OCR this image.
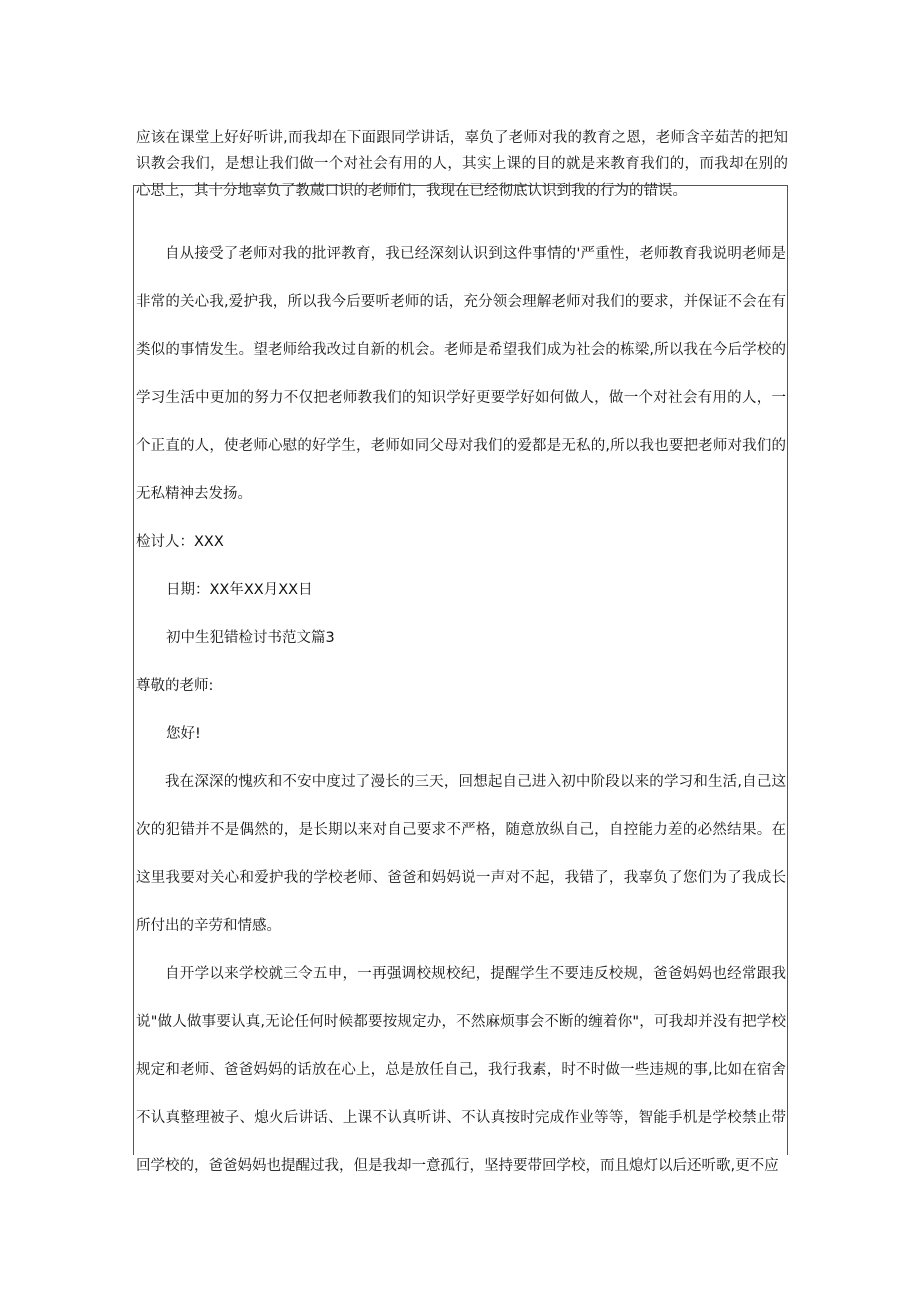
应该在课堂上好好听讲,而我却在下面跟同学讲话，辜负了老师对我的教育之恩，老师含辛茹苦的把知识教会我们，是想让我们做一个对社会有用的人，其实上课的目的就是来教育我们的，而我却在别的心思上，其十分地辜负了教蒇口识的老师们，我现在已经彻底认识到我的行为的错误。

自从接受了老师对我的批评教育，我已经深刻认识到这件事情的'严重性，老师教育我说明老师是非常的关心我,爱护我，所以我今后要听老师的话，充分领会理解老师对我们的要求，并保证不会在有类似的事情发生。望老师给我改过自新的机会。老师是希望我们成为社会的栋梁,所以我在今后学校的学习生活中更加的努力不仅把老师教我们的知识学好更要学好如何做人，做一个对社会有用的人，一个正直的人，使老师心慰的好学生，老师如同父母对我们的爱都是无私的,所以我也要把老师对我们的无私精神去发扬。

检讨人：XXX

日期：XX年XX月XX日

初中生犯错检讨书范文篇3

尊敬的老师:

您好!

我在深深的愧疚和不安中度过了漫长的三天，回想起自己进入初中阶段以来的学习和生活,自己这次的犯错并不是偶然的，是长期以来对自己要求不严格，随意放纵自己，自控能力差的必然结果。在这里我要对关心和爱护我的学校老师、爸爸和妈妈说一声对不起，我错了，我辜负了您们为了我成长所付出的辛劳和情感。

自开学以来学校就三令五申，一再强调校规校纪，提醒学生不要违反校规，爸爸妈妈也经常跟我说"做人做事要认真,无论任何时候都要按规定办，不然麻烦事会不断的缠着你"，可我却并没有把学校规定和老师、爸爸妈妈的话放在心上，总是放任自己，我行我素，时不时做一些违规的事,比如在宿舍不认真整理被子、熄火后讲话、上课不认真听讲、不认真按时完成作业等等，智能手机是学校禁止带回学校的，爸爸妈妈也提醒过我，但是我却一意孤行，坚持要带回学校，而且熄灯以后还听歌,更不应
